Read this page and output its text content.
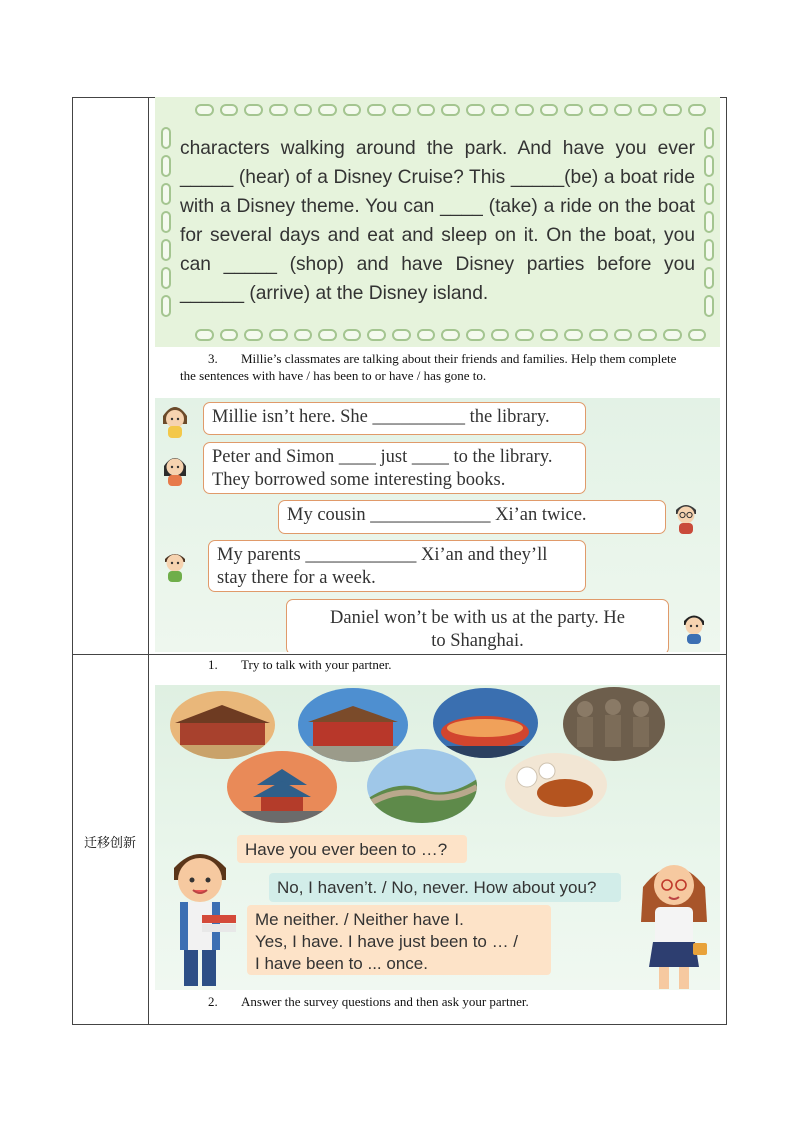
迁移创新
characters walking around the park. And have you ever _____ (hear) of a Disney Cruise? This _____(be) a boat ride with a Disney theme. You can ____ (take) a ride on the boat for several days and eat and sleep on it. On the boat, you can _____ (shop) and have Disney parties before you ______ (arrive) at the Disney island.
3. Millie’s classmates are talking about their friends and families. Help them complete
the sentences with have / has been to or have / has gone to.
Millie isn’t here. She __________ the library.
Peter and Simon ____ just ____ to the library.
They borrowed some interesting books.
My cousin _____________ Xi’an twice.
My parents ____________ Xi’an and they’ll
stay there for a week.
Daniel won’t be with us at the party. He
to Shanghai.
1. Try to talk with your partner.
Have you ever been to …?
No, I haven’t. / No, never. How about you?
Me neither. / Neither have I.
Yes, I have. I have just been to … /
I have been to ... once.
2. Answer the survey questions and then ask your partner.
